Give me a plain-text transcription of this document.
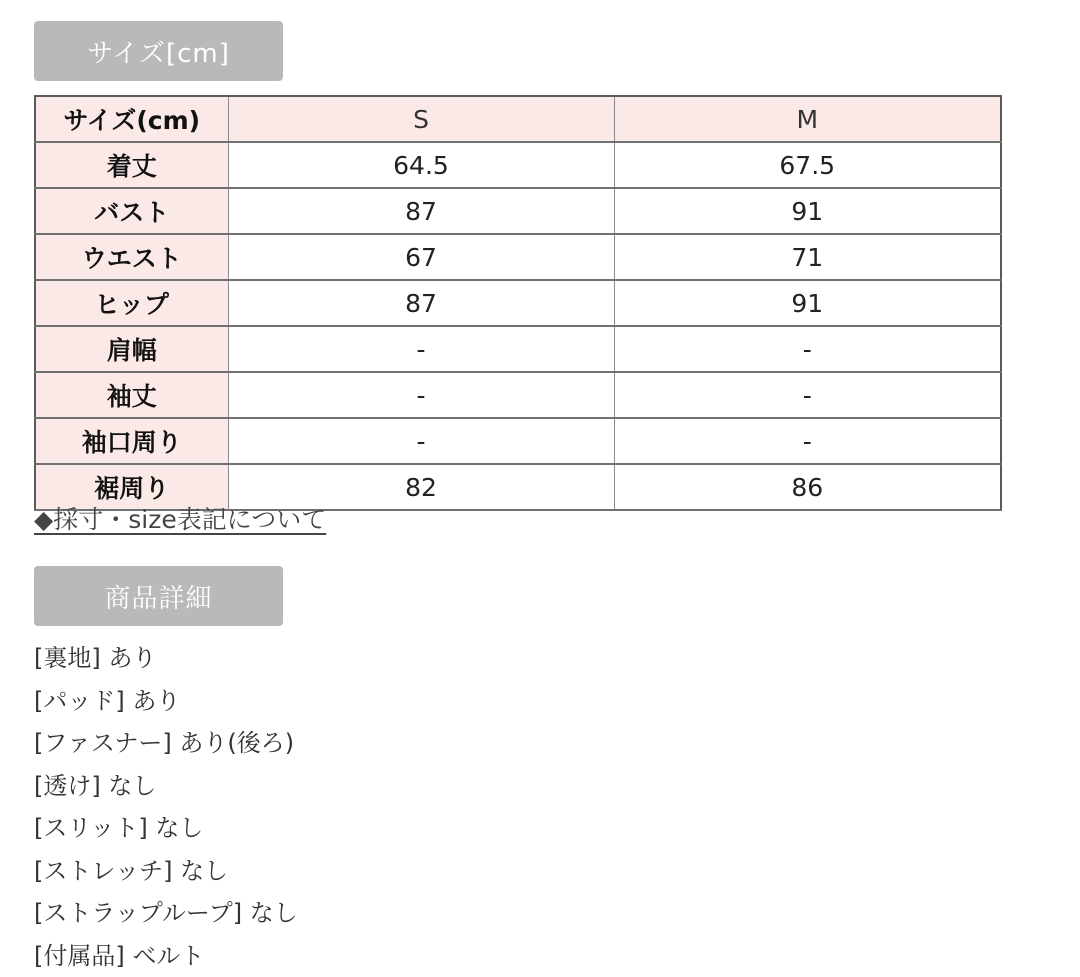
サイズ[cm]
サイズ(cm)	S	M
着丈	64.5	67.5
バスト	87	91
ウエスト	67	71
ヒップ	87	91
肩幅	-	-
袖丈	-	-
袖口周り	-	-
裾周り	82	86
◆採寸・size表記について
商品詳細
[裏地] あり
[パッド] あり
[ファスナー] あり(後ろ)
[透け] なし
[スリット] なし
[ストレッチ] なし
[ストラップループ] なし
[付属品] ベルト
